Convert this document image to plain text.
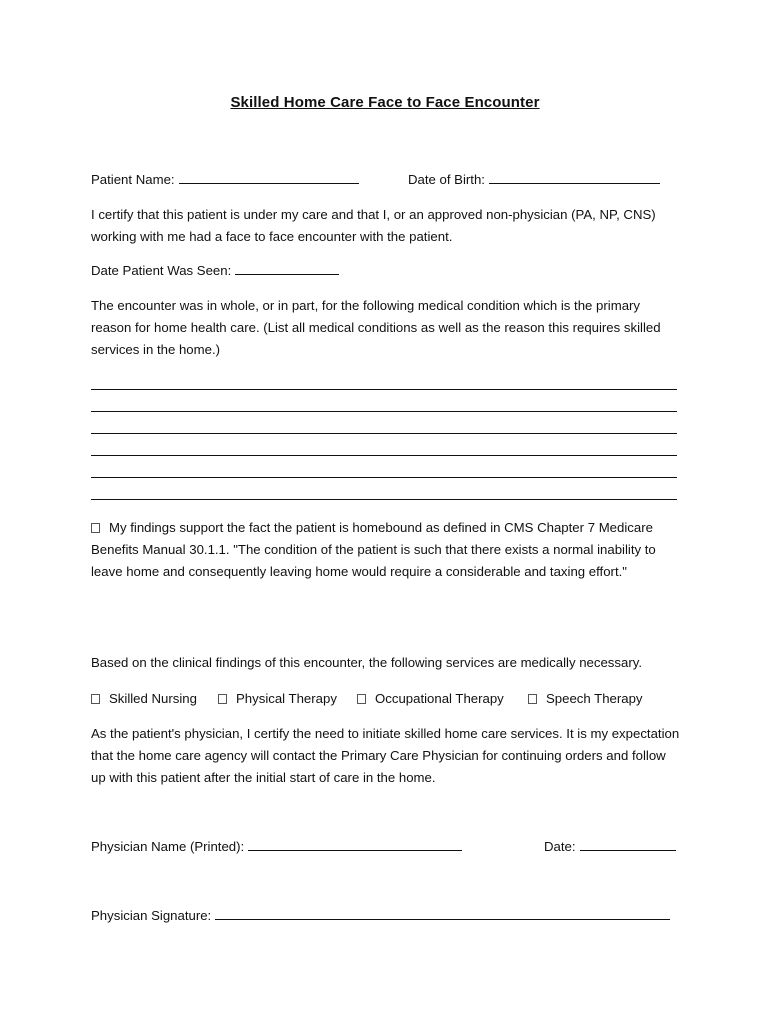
Skilled Home Care Face to Face Encounter
Patient Name:	Date of Birth:
I certify that this patient is under my care and that I, or an approved non-physician (PA, NP, CNS) working with me had a face to face encounter with the patient.
Date Patient Was Seen:
The encounter was in whole, or in part, for the following medical condition which is the primary reason for home health care. (List all medical conditions as well as the reason this requires skilled services in the home.)
My findings support the fact the patient is homebound as defined in CMS Chapter 7 Medicare Benefits Manual 30.1.1. "The condition of the patient is such that there exists a normal inability to leave home and consequently leaving home would require a considerable and taxing effort."
Based on the clinical findings of this encounter, the following services are medically necessary.
Skilled Nursing	Physical Therapy	Occupational Therapy	Speech Therapy
As the patient's physician, I certify the need to initiate skilled home care services. It is my expectation that the home care agency will contact the Primary Care Physician for continuing orders and follow up with this patient after the initial start of care in the home.
Physician Name (Printed):	Date:
Physician Signature:
